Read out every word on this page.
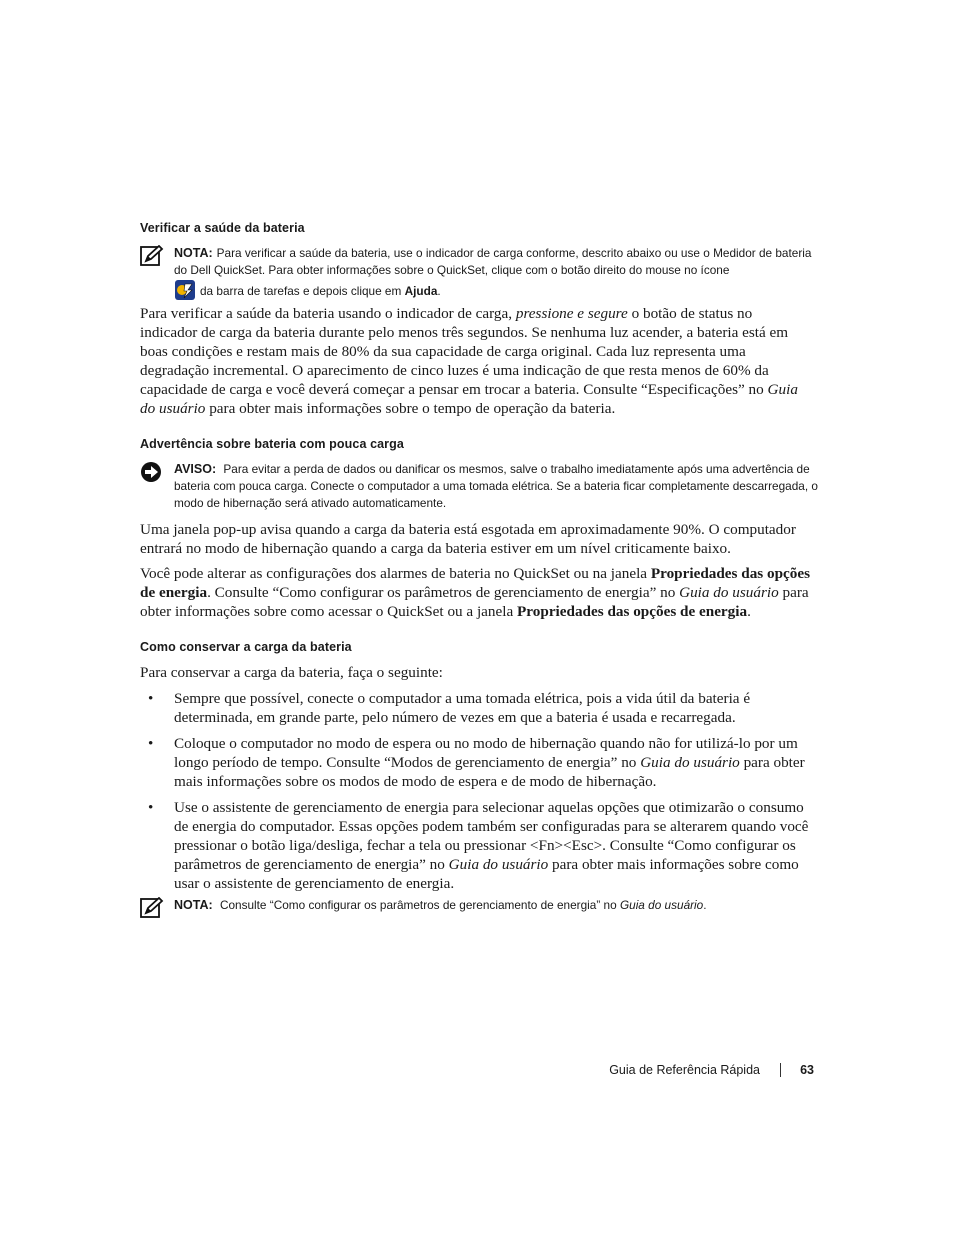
Verificar a saúde da bateria
NOTA: Para verificar a saúde da bateria, use o indicador de carga conforme, descrito abaixo ou use o Medidor de bateria do Dell QuickSet. Para obter informações sobre o QuickSet, clique com o botão direito do mouse no ícone
da barra de tarefas e depois clique em Ajuda.

Para verificar a saúde da bateria usando o indicador de carga, pressione e segure o botão de status no indicador de carga da bateria durante pelo menos três segundos. Se nenhuma luz acender, a bateria está em boas condições e restam mais de 80% da sua capacidade de carga original. Cada luz representa uma degradação incremental. O aparecimento de cinco luzes é uma indicação de que resta menos de 60% da capacidade de carga e você deverá começar a pensar em trocar a bateria. Consulte “Especificações” no Guia do usuário para obter mais informações sobre o tempo de operação da bateria.

Advertência sobre bateria com pouca carga
AVISO: Para evitar a perda de dados ou danificar os mesmos, salve o trabalho imediatamente após uma advertência de bateria com pouca carga. Conecte o computador a uma tomada elétrica. Se a bateria ficar completamente descarregada, o modo de hibernação será ativado automaticamente.

Uma janela pop-up avisa quando a carga da bateria está esgotada em aproximadamente 90%. O computador entrará no modo de hibernação quando a carga da bateria estiver em um nível criticamente baixo.

Você pode alterar as configurações dos alarmes de bateria no QuickSet ou na janela Propriedades das opções de energia. Consulte “Como configurar os parâmetros de gerenciamento de energia” no Guia do usuário para obter informações sobre como acessar o QuickSet ou a janela Propriedades das opções de energia.

Como conservar a carga da bateria

Para conservar a carga da bateria, faça o seguinte:

• Sempre que possível, conecte o computador a uma tomada elétrica, pois a vida útil da bateria é determinada, em grande parte, pelo número de vezes em que a bateria é usada e recarregada.
• Coloque o computador no modo de espera ou no modo de hibernação quando não for utilizá-lo por um longo período de tempo. Consulte “Modos de gerenciamento de energia” no Guia do usuário para obter mais informações sobre os modos de modo de espera e de modo de hibernação.
• Use o assistente de gerenciamento de energia para selecionar aquelas opções que otimizarão o consumo de energia do computador. Essas opções podem também ser configuradas para se alterarem quando você pressionar o botão liga/desliga, fechar a tela ou pressionar <Fn><Esc>. Consulte “Como configurar os parâmetros de gerenciamento de energia” no Guia do usuário para obter mais informações sobre como usar o assistente de gerenciamento de energia.
NOTA: Consulte “Como configurar os parâmetros de gerenciamento de energia” no Guia do usuário.
Guia de Referência Rápida	63
